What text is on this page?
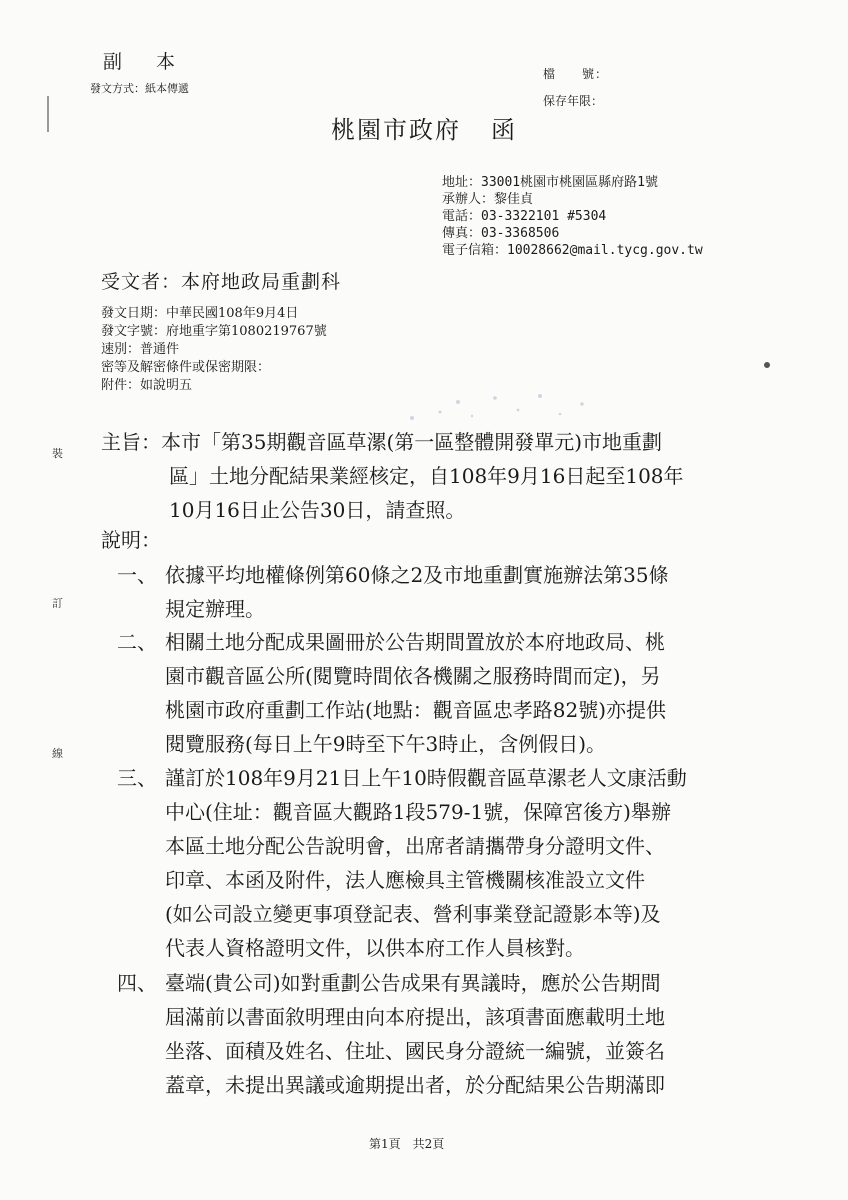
副 本
發文方式：紙本傳遞
檔　　號：
保存年限：
桃園市政府 函
地址：33001桃園市桃園區縣府路1號
承辦人：黎佳貞
電話：03-3322101 #5304
傳真：03-3368506
電子信箱：10028662@mail.tycg.gov.tw
受文者：本府地政局重劃科
發文日期：中華民國108年9月4日
發文字號：府地重字第1080219767號
速別：普通件
密等及解密條件或保密期限：
附件：如說明五
主旨：本市「第35期觀音區草漯(第一區整體開發單元)市地重劃
區」土地分配結果業經核定，自108年9月16日起至108年
10月16日止公告30日，請查照。
說明：
一、 依據平均地權條例第60條之2及市地重劃實施辦法第35條
規定辦理。
二、 相關土地分配成果圖冊於公告期間置放於本府地政局、桃
園市觀音區公所(閱覽時間依各機關之服務時間而定)，另
桃園市政府重劃工作站(地點：觀音區忠孝路82號)亦提供
閱覽服務(每日上午9時至下午3時止，含例假日)。
三、 謹訂於108年9月21日上午10時假觀音區草漯老人文康活動
中心(住址：觀音區大觀路1段579-1號，保障宮後方)舉辦
本區土地分配公告說明會，出席者請攜帶身分證明文件、
印章、本函及附件，法人應檢具主管機關核准設立文件
(如公司設立變更事項登記表、營利事業登記證影本等)及
代表人資格證明文件，以供本府工作人員核對。
四、 臺端(貴公司)如對重劃公告成果有異議時，應於公告期間
屆滿前以書面敘明理由向本府提出，該項書面應載明土地
坐落、面積及姓名、住址、國民身分證統一編號，並簽名
蓋章，未提出異議或逾期提出者，於分配結果公告期滿即
裝
訂
線
第1頁　共2頁
